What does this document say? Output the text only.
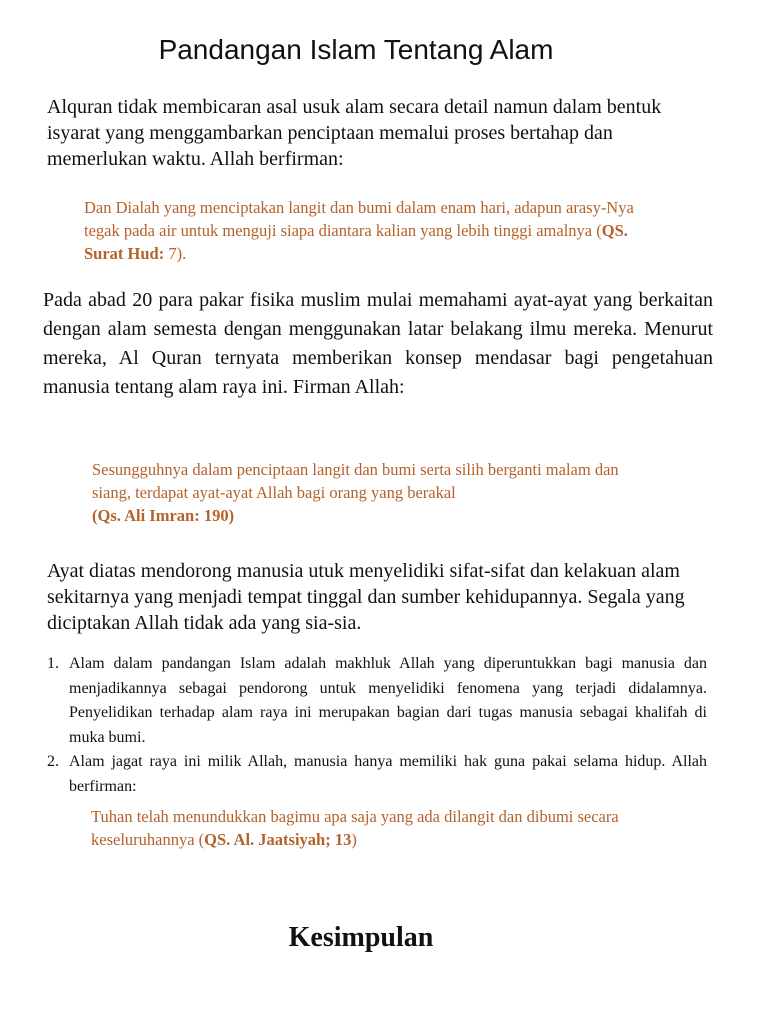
Pandangan Islam Tentang Alam
Alquran tidak membicaran asal usuk alam secara detail namun dalam bentuk isyarat yang menggambarkan penciptaan memalui proses bertahap dan memerlukan waktu. Allah berfirman:
Dan Dialah yang menciptakan langit dan bumi dalam enam hari, adapun arasy-Nya tegak pada air untuk menguji siapa diantara kalian yang lebih tinggi amalnya (QS. Surat Hud: 7).
Pada abad 20 para pakar fisika muslim mulai memahami ayat-ayat yang berkaitan dengan alam semesta dengan menggunakan latar belakang ilmu mereka. Menurut mereka, Al Quran ternyata memberikan konsep mendasar bagi pengetahuan manusia tentang alam raya ini. Firman Allah:
Sesungguhnya dalam penciptaan langit dan bumi serta silih berganti malam dan siang, terdapat ayat-ayat Allah bagi orang yang berakal
(Qs. Ali Imran: 190)
Ayat diatas mendorong manusia utuk menyelidiki sifat-sifat dan kelakuan alam sekitarnya yang menjadi tempat tinggal dan sumber kehidupannya. Segala yang diciptakan Allah tidak ada yang sia-sia.
1. Alam dalam pandangan Islam adalah makhluk Allah yang diperuntukkan bagi manusia dan menjadikannya sebagai pendorong untuk menyelidiki fenomena yang terjadi didalamnya. Penyelidikan terhadap alam raya ini merupakan bagian dari tugas manusia sebagai khalifah di muka bumi.
2. Alam jagat raya ini milik Allah, manusia hanya memiliki hak guna pakai selama hidup. Allah berfirman:
Tuhan telah menundukkan bagimu apa saja yang ada dilangit dan dibumi secara keseluruhannya (QS. Al. Jaatsiyah; 13)
Kesimpulan
